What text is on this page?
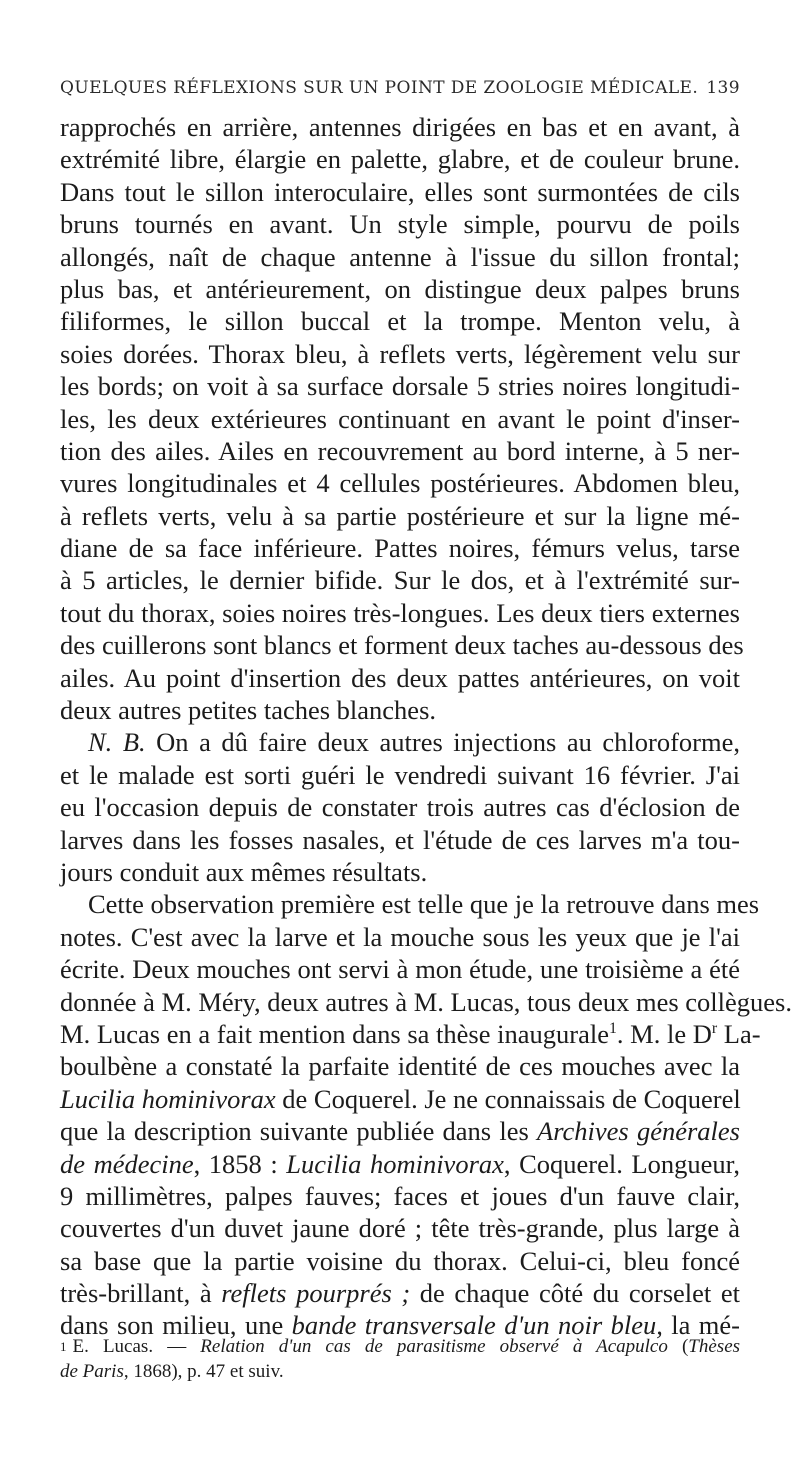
QUELQUES RÉFLEXIONS SUR UN POINT DE ZOOLOGIE MÉDICALE. 139
rapprochés en arrière, antennes dirigées en bas et en avant, à
extrémité libre, élargie en palette, glabre, et de couleur brune.
Dans tout le sillon interoculaire, elles sont surmontées de cils
bruns tournés en avant. Un style simple, pourvu de poils
allongés, naît de chaque antenne à l'issue du sillon frontal;
plus bas, et antérieurement, on distingue deux palpes bruns
filiformes, le sillon buccal et la trompe. Menton velu, à
soies dorées. Thorax bleu, à reflets verts, légèrement velu sur
les bords; on voit à sa surface dorsale 5 stries noires longitudi-
les, les deux extérieures continuant en avant le point d'inser-
tion des ailes. Ailes en recouvrement au bord interne, à 5 ner-
vures longitudinales et 4 cellules postérieures. Abdomen bleu,
à reflets verts, velu à sa partie postérieure et sur la ligne mé-
diane de sa face inférieure. Pattes noires, fémurs velus, tarse
à 5 articles, le dernier bifide. Sur le dos, et à l'extrémité sur-
tout du thorax, soies noires très-longues. Les deux tiers externes
des cuillerons sont blancs et forment deux taches au-dessous des
ailes. Au point d'insertion des deux pattes antérieures, on voit
deux autres petites taches blanches.
N. B. On a dû faire deux autres injections au chloroforme,
et le malade est sorti guéri le vendredi suivant 16 février. J'ai
eu l'occasion depuis de constater trois autres cas d'éclosion de
larves dans les fosses nasales, et l'étude de ces larves m'a tou-
jours conduit aux mêmes résultats.
Cette observation première est telle que je la retrouve dans mes
notes. C'est avec la larve et la mouche sous les yeux que je l'ai
écrite. Deux mouches ont servi à mon étude, une troisième a été
donnée à M. Méry, deux autres à M. Lucas, tous deux mes collègues.
M. Lucas en a fait mention dans sa thèse inaugurale$^1$. M. le $D^r$ La-
boulbène a constaté la parfaite identité de ces mouches avec la
Lucilia hominivorax de Coquerel. Je ne connaissais de Coquerel
que la description suivante publiée dans les Archives générales
de médecine, 1858 : Lucilia hominivorax, Coquerel. Longueur,
9 millimètres, palpes fauves; faces et joues d'un fauve clair,
couvertes d'un duvet jaune doré ; tête très-grande, plus large à
sa base que la partie voisine du thorax. Celui-ci, bleu foncé
très-brillant, à reflets pourprés ; de chaque côté du corselet et
dans son milieu, une bande transversale d'un noir bleu, la mé-
$^1$ E. Lucas. — Relation d'un cas de parasitisme observé à Acapulco (Thèses
de Paris, 1868), p. 47 et suiv.
